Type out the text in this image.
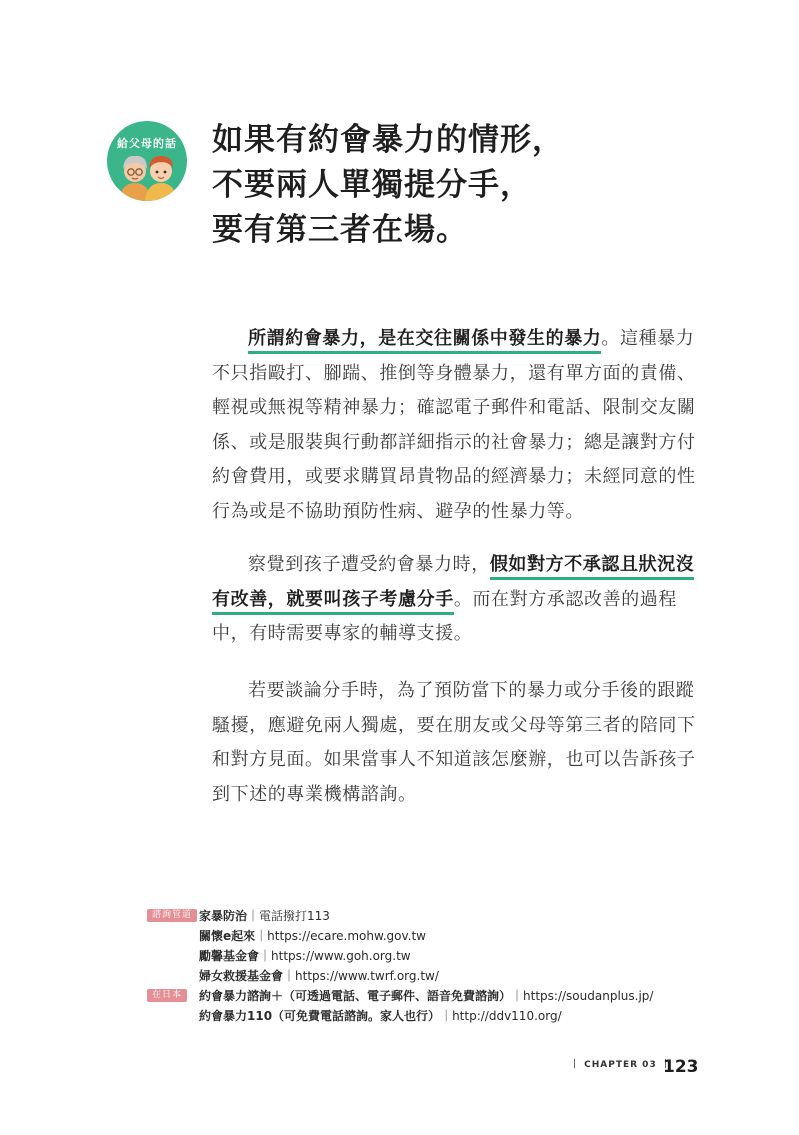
給父母的話	如果有約會暴力的情形，
不要兩人單獨提分手，
要有第三者在場。
所謂約會暴力，是在交往關係中發生的暴力。這種暴力
不只指毆打、腳踹、推倒等身體暴力，還有單方面的責備、
輕視或無視等精神暴力；確認電子郵件和電話、限制交友關
係、或是服裝與行動都詳細指示的社會暴力；總是讓對方付
約會費用，或要求購買昂貴物品的經濟暴力；未經同意的性
行為或是不協助預防性病、避孕的性暴力等。
察覺到孩子遭受約會暴力時，假如對方不承認且狀況沒
有改善，就要叫孩子考慮分手。而在對方承認改善的過程
中，有時需要專家的輔導支援。
若要談論分手時，為了預防當下的暴力或分手後的跟蹤
騷擾，應避免兩人獨處，要在朋友或父母等第三者的陪同下
和對方見面。如果當事人不知道該怎麼辦，也可以告訴孩子
到下述的專業機構諮詢。
諮詢管道 家暴防治｜電話撥打113
關懷e起來｜https://ecare.mohw.gov.tw
勵馨基金會｜https://www.goh.org.tw
婦女救援基金會｜https://www.twrf.org.tw/
在日本	約會暴力諮詢＋（可透過電話、電子郵件、語音免費諮詢）｜https://soudanplus.jp/
約會暴力110（可免費電話諮詢。家人也行）｜http://ddv110.org/
｜ CHAPTER 03 ｜
123
